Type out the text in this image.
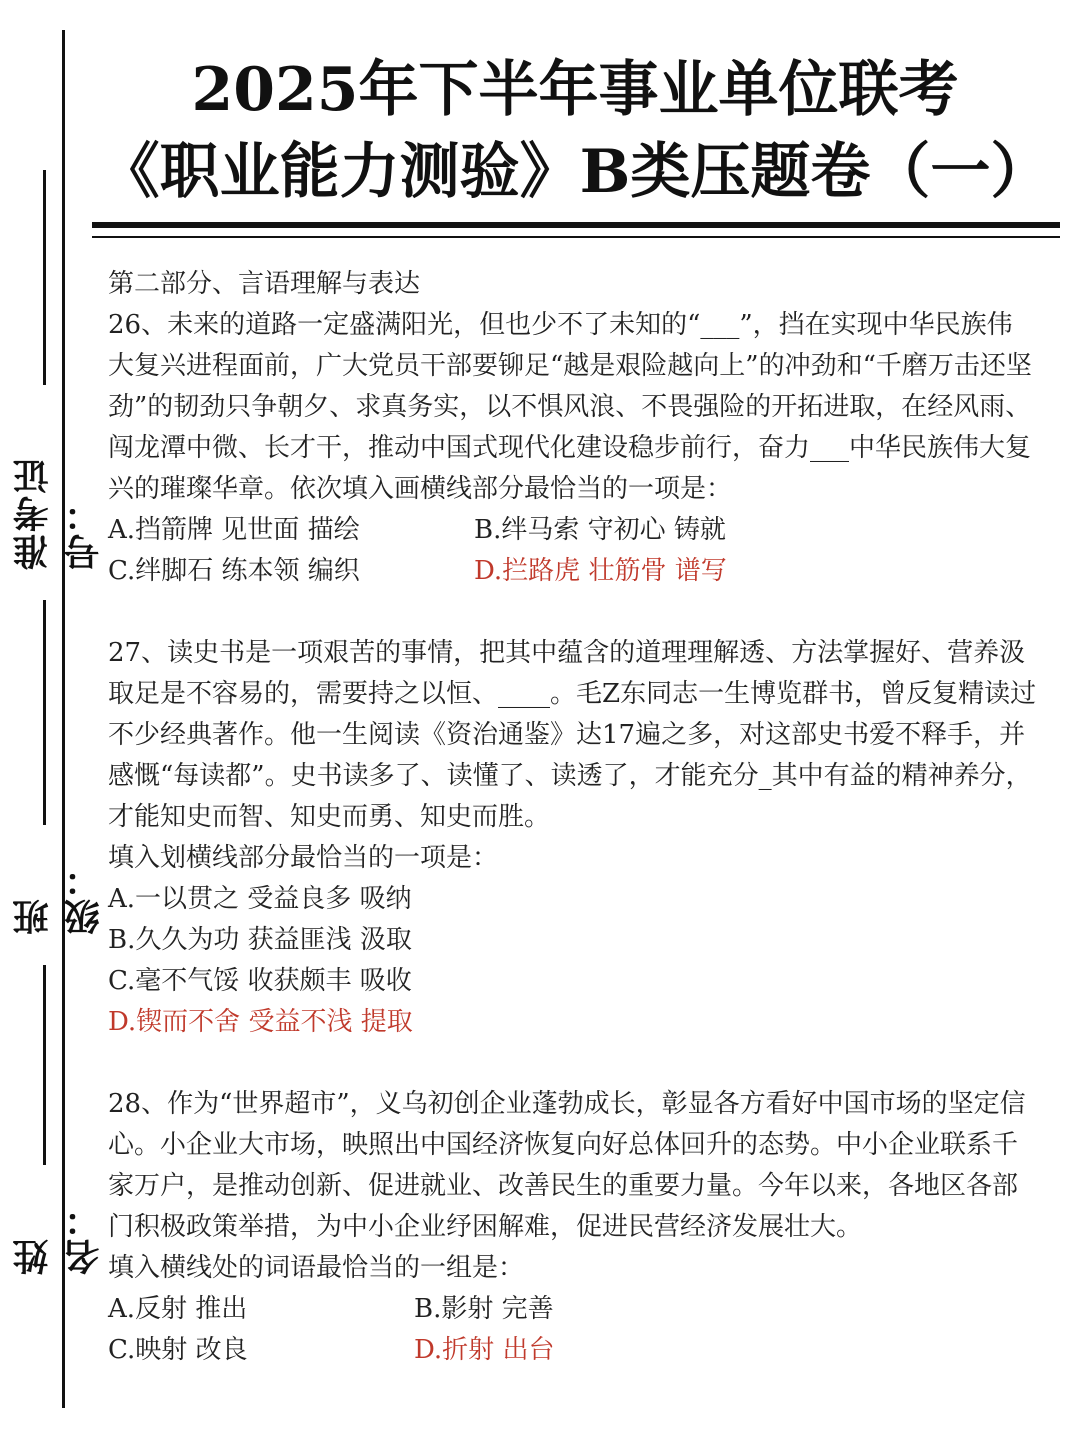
准考证号：
班级：
姓名：
2025年下半年事业单位联考
《职业能力测验》B类压题卷（一）

第二部分、言语理解与表达

26、未来的道路一定盛满阳光，但也少不了未知的“___”，挡在实现中华民族伟大复兴进程面前，广大党员干部要铆足“越是艰险越向上”的冲劲和“千磨万击还坚劲”的韧劲只争朝夕、求真务实，以不惧风浪、不畏强险的开拓进取，在经风雨、闯龙潭中微、长才干，推动中国式现代化建设稳步前行，奋力___中华民族伟大复兴的璀璨华章。依次填入画横线部分最恰当的一项是：

A.挡箭牌 见世面 描绘	B.绊马索 守初心 铸就
C.绊脚石 练本领 编织	D.拦路虎 壮筋骨 谱写

27、读史书是一项艰苦的事情，把其中蕴含的道理理解透、方法掌握好、营养汲取足是不容易的，需要持之以恒、____。毛Z东同志一生博览群书，曾反复精读过不少经典著作。他一生阅读《资治通鉴》达17遍之多，对这部史书爱不释手，并感慨“每读都”。史书读多了、读懂了、读透了，才能充分_其中有益的精神养分，才能知史而智、知史而勇、知史而胜。

填入划横线部分最恰当的一项是：

A.一以贯之 受益良多 吸纳

B.久久为功 获益匪浅 汲取

C.毫不气馁 收获颇丰 吸收

D.锲而不舍 受益不浅 提取

28、作为“世界超市”，义乌初创企业蓬勃成长，彰显各方看好中国市场的坚定信心。小企业大市场，映照出中国经济恢复向好总体回升的态势。中小企业联系千家万户，是推动创新、促进就业、改善民生的重要力量。今年以来，各地区各部门积极政策举措，为中小企业纾困解难，促进民营经济发展壮大。

填入横线处的词语最恰当的一组是：

A.反射 推出	B.影射 完善
C.映射 改良	D.折射 出台
